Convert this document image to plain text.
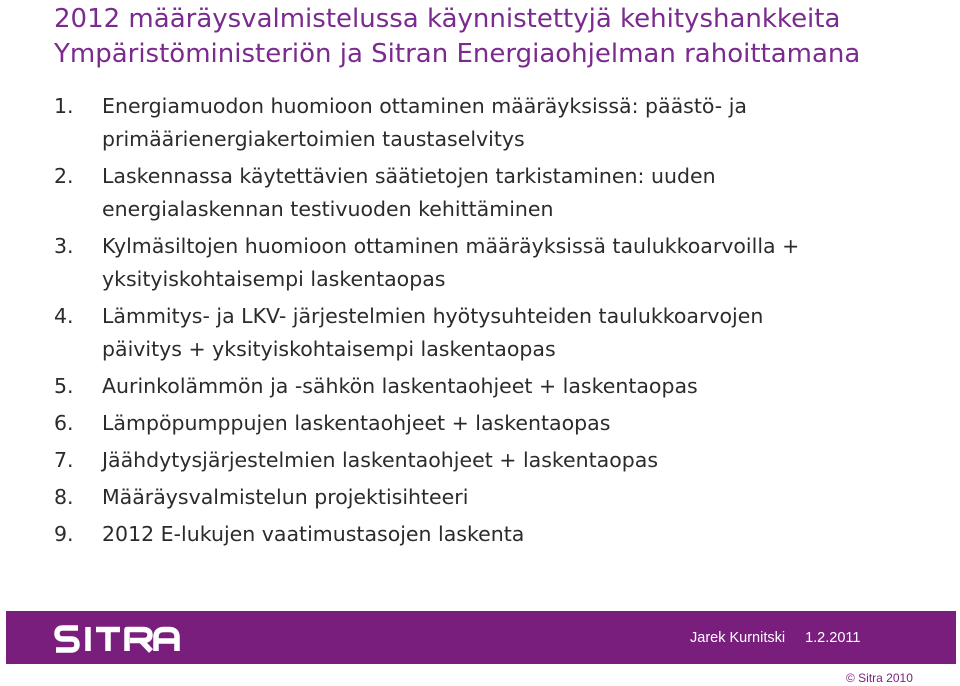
2012 määräysvalmistelussa käynnistettyjä kehityshankkeita
Ympäristöministeriön ja Sitran Energiaohjelman rahoittamana
1.	Energiamuodon huomioon ottaminen määräyksissä: päästö- ja
primäärienergiakertoimien taustaselvitys
2.	Laskennassa käytettävien säätietojen tarkistaminen: uuden
energialaskennan testivuoden kehittäminen
3.	Kylmäsiltojen huomioon ottaminen määräyksissä taulukkoarvoilla +
yksityiskohtaisempi laskentaopas
4.	Lämmitys- ja LKV- järjestelmien hyötysuhteiden taulukkoarvojen
päivitys + yksityiskohtaisempi laskentaopas
5.	Aurinkolämmön ja -sähkön laskentaohjeet + laskentaopas
6.	Lämpöpumppujen laskentaohjeet + laskentaopas
7.	Jäähdytysjärjestelmien laskentaohjeet + laskentaopas
8.	Määräysvalmistelun projektisihteeri
9.	2012 E-lukujen vaatimustasojen laskenta
Jarek Kurnitski 1.2.2011
© Sitra 2010
